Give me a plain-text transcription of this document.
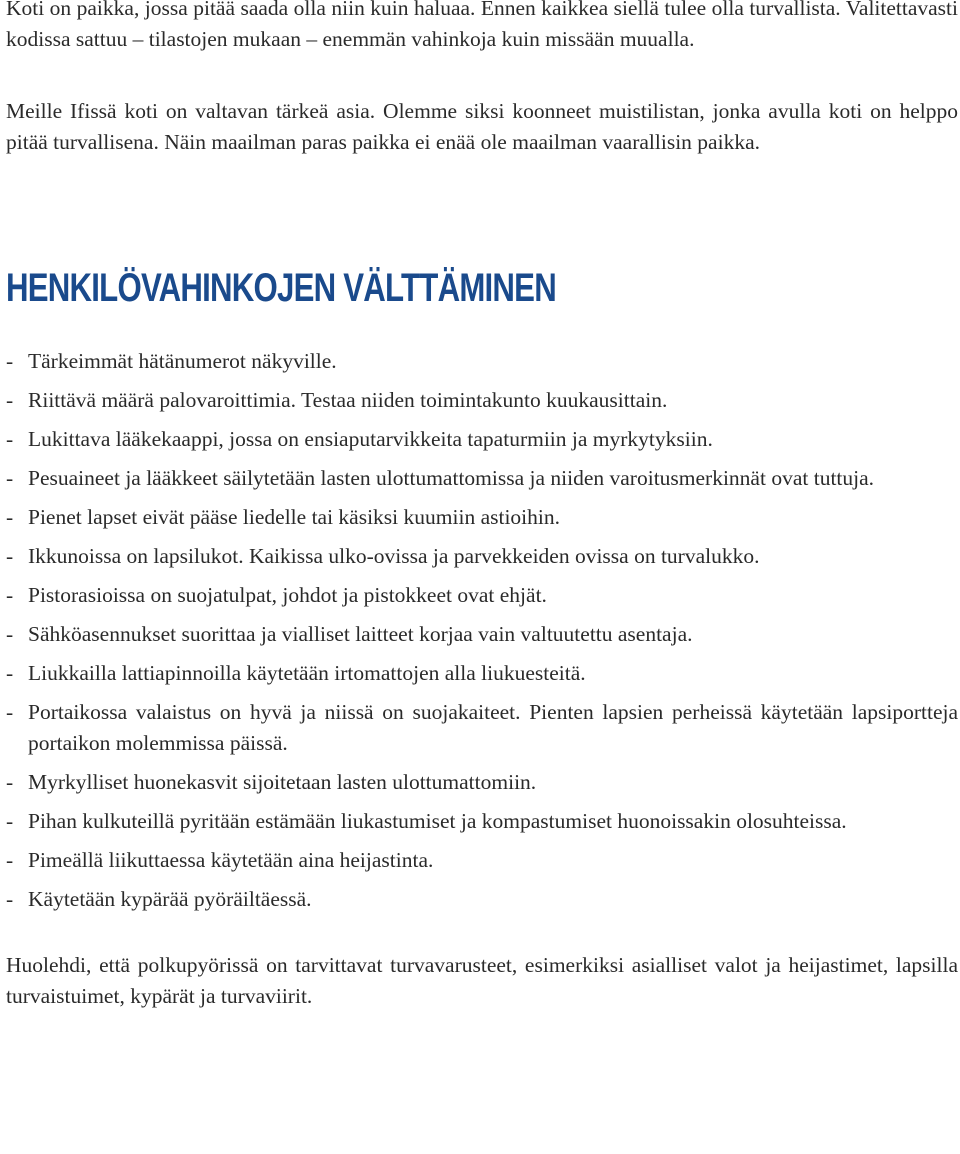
Koti on paikka, jossa pitää saada olla niin kuin haluaa. Ennen kaikkea siellä tulee olla turvallista. Valitettavasti kodissa sattuu – tilastojen mukaan – enemmän vahinkoja kuin missään muualla.

Meille Ifissä koti on valtavan tärkeä asia. Olemme siksi koonneet muistilistan, jonka avulla koti on helppo pitää turvallisena. Näin maailman paras paikka ei enää ole maailman vaarallisin paikka.

HENKILÖVAHINKOJEN VÄLTTÄMINEN
- Tärkeimmät hätänumerot näkyville.
- Riittävä määrä palovaroittimia. Testaa niiden toimintakunto kuukausittain.
- Lukittava lääkekaappi, jossa on ensiaputarvikkeita tapaturmiin ja myrkytyksiin.
- Pesuaineet ja lääkkeet säilytetään lasten ulottumattomissa ja niiden varoitusmerkinnät ovat tuttuja.
- Pienet lapset eivät pääse liedelle tai käsiksi kuumiin astioihin.
- Ikkunoissa on lapsilukot. Kaikissa ulko-ovissa ja parvekkeiden ovissa on turvalukko.
- Pistorasioissa on suojatulpat, johdot ja pistokkeet ovat ehjät.
- Sähköasennukset suorittaa ja vialliset laitteet korjaa vain valtuutettu asentaja.
- Liukkailla lattiapinnoilla käytetään irtomattojen alla liukuesteitä.
- Portaikossa valaistus on hyvä ja niissä on suojakaiteet. Pienten lapsien perheissä käytetään lapsiportteja portaikon molemmissa päissä.
- Myrkylliset huonekasvit sijoitetaan lasten ulottumattomiin.
- Pihan kulkuteillä pyritään estämään liukastumiset ja kompastumiset huonoissakin olosuhteissa.
- Pimeällä liikuttaessa käytetään aina heijastinta.
- Käytetään kypärää pyöräiltäessä.

Huolehdi, että polkupyörissä on tarvittavat turvavarusteet, esimerkiksi asialliset valot ja heijastimet, lapsilla turvaistuimet, kypärät ja turvaviirit.
